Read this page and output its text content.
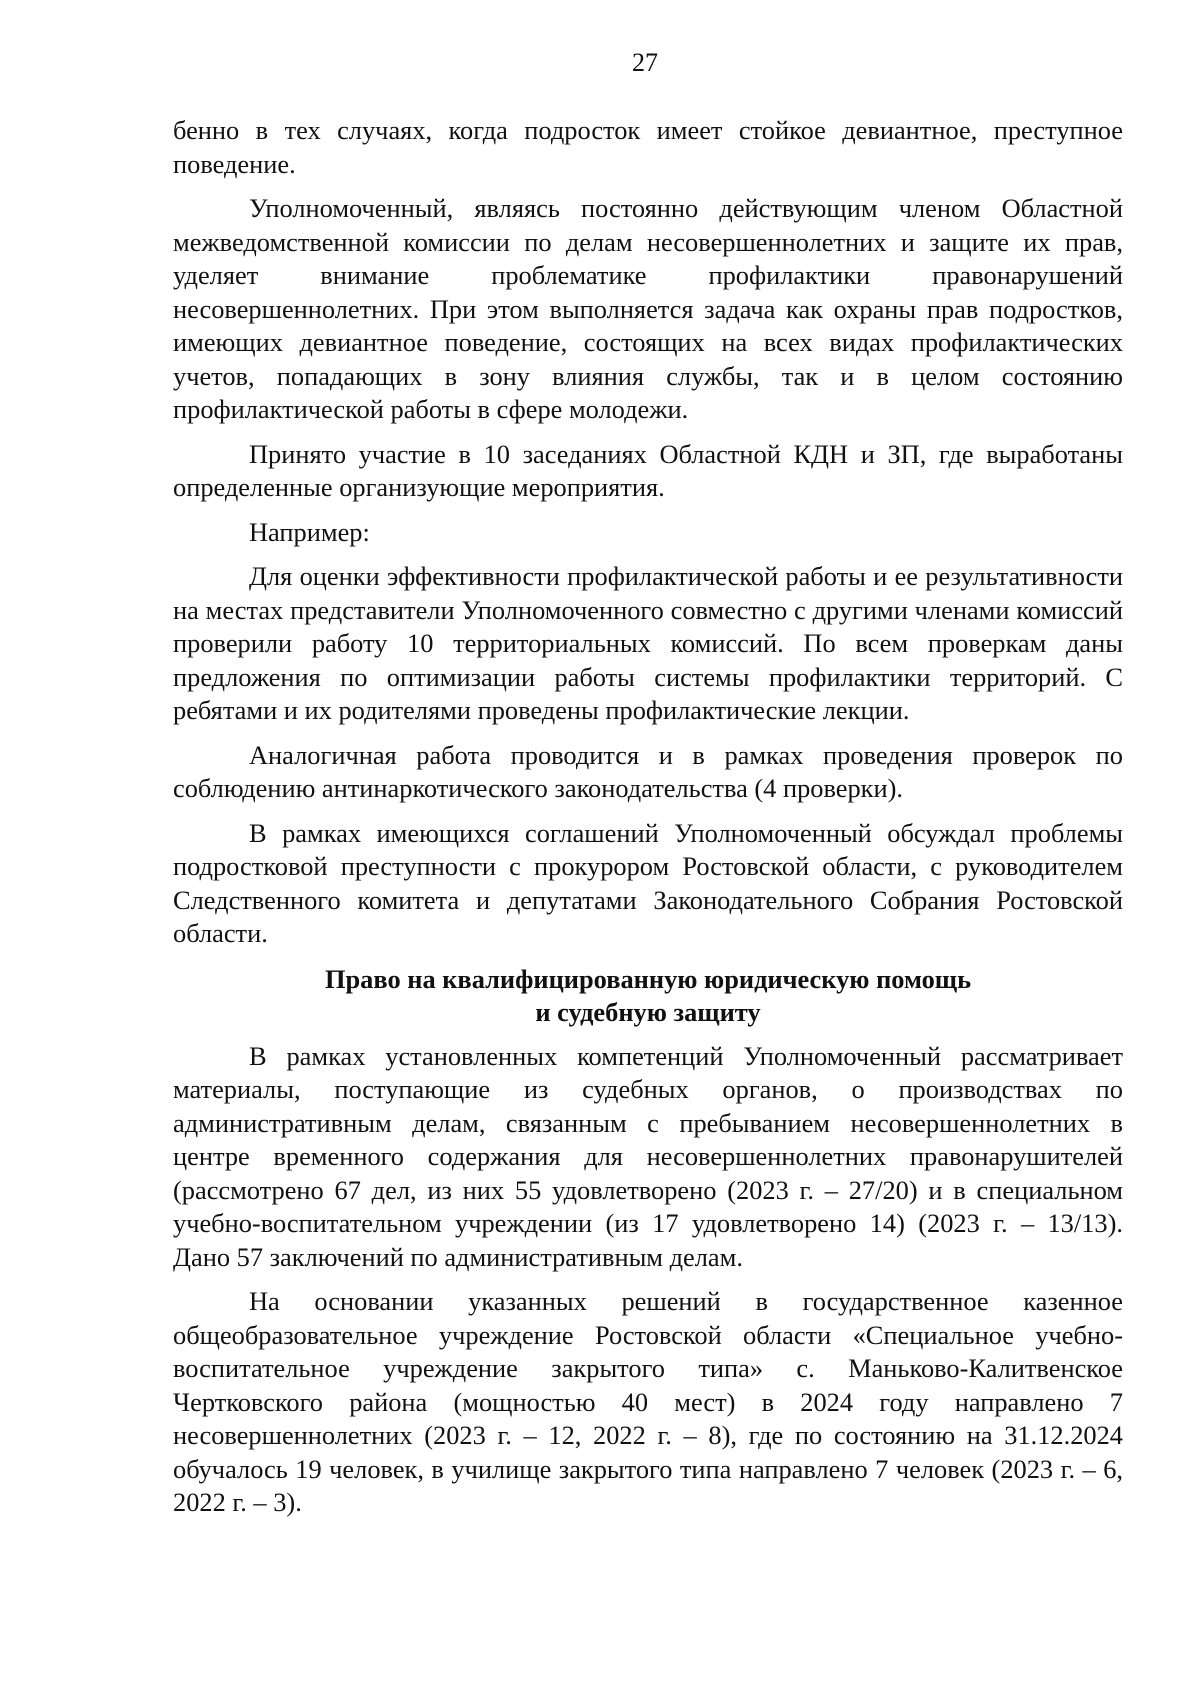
27

бенно в тех случаях, когда подросток имеет стойкое девиантное, преступное поведение.

Уполномоченный, являясь постоянно действующим членом Областной межведомственной комиссии по делам несовершеннолетних и защите их прав, уделяет внимание проблематике профилактики правонарушений несовершеннолетних. При этом выполняется задача как охраны прав подростков, имеющих девиантное поведение, состоящих на всех видах профилактических учетов, попадающих в зону влияния службы, так и в целом состоянию профилактической работы в сфере молодежи.

Принято участие в 10 заседаниях Областной КДН и ЗП, где выработаны определенные организующие мероприятия.

Например:

Для оценки эффективности профилактической работы и ее результативности на местах представители Уполномоченного совместно с другими членами комиссий проверили работу 10 территориальных комиссий. По всем проверкам даны предложения по оптимизации работы системы профилактики территорий. С ребятами и их родителями проведены профилактические лекции.

Аналогичная работа проводится и в рамках проведения проверок по соблюдению антинаркотического законодательства (4 проверки).

В рамках имеющихся соглашений Уполномоченный обсуждал проблемы подростковой преступности с прокурором Ростовской области, с руководителем Следственного комитета и депутатами Законодательного Собрания Ростовской области.

Право на квалифицированную юридическую помощь
и судебную защиту

В рамках установленных компетенций Уполномоченный рассматривает материалы, поступающие из судебных органов, о производствах по административным делам, связанным с пребыванием несовершеннолетних в центре временного содержания для несовершеннолетних правонарушителей (рассмотрено 67 дел, из них 55 удовлетворено (2023 г. – 27/20) и в специальном учебно-воспитательном учреждении (из 17 удовлетворено 14) (2023 г. – 13/13). Дано 57 заключений по административным делам.

На основании указанных решений в государственное казенное общеобразовательное учреждение Ростовской области «Специальное учебно-воспитательное учреждение закрытого типа» с. Маньково-Калитвенское Чертковского района (мощностью 40 мест) в 2024 году направлено 7 несовершеннолетних (2023 г. – 12, 2022 г. – 8), где по состоянию на 31.12.2024 обучалось 19 человек, в училище закрытого типа направлено 7 человек (2023 г. – 6, 2022 г. – 3).
